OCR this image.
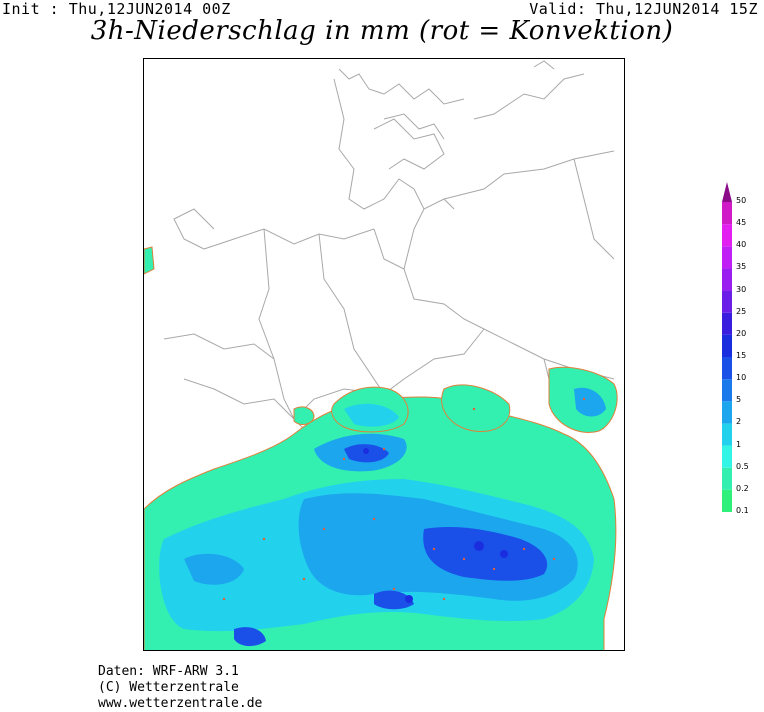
Init : Thu,12JUN2014 00Z	Valid: Thu,12JUN2014 15Z
3h-Niederschlag in mm (rot = Konvektion)
0.1
0.2
0.5
1
2
5
10
15
20
25
30
35
40
45
50
Daten: WRF-ARW 3.1
(C) Wetterzentrale
www.wetterzentrale.de
